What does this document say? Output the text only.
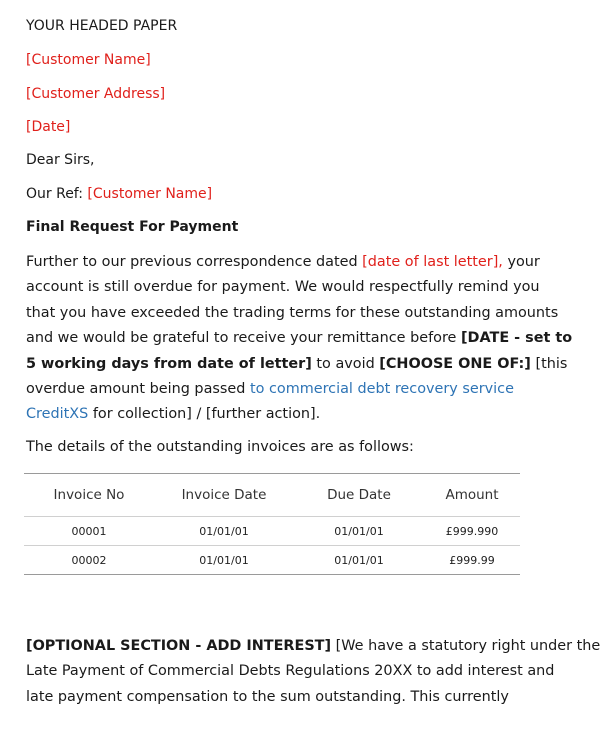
YOUR HEADED PAPER
[Customer Name]
[Customer Address]
[Date]
Dear Sirs,
Our Ref: [Customer Name]
Final Request For Payment
Further to our previous correspondence dated [date of last letter], your
account is still overdue for payment. We would respectfully remind you
that you have exceeded the trading terms for these outstanding amounts
and we would be grateful to receive your remittance before [DATE - set to
5 working days from date of letter] to avoid [CHOOSE ONE OF:] [this
overdue amount being passed to commercial debt recovery service
CreditXS for collection] / [further action].
The details of the outstanding invoices are as follows:
Invoice No	Invoice Date	Due Date	Amount
00001	01/01/01	01/01/01	£999.990
00002	01/01/01	01/01/01	£999.99
[OPTIONAL SECTION - ADD INTEREST] [We have a statutory right under the
Late Payment of Commercial Debts Regulations 20XX to add interest and
late payment compensation to the sum outstanding. This currently
